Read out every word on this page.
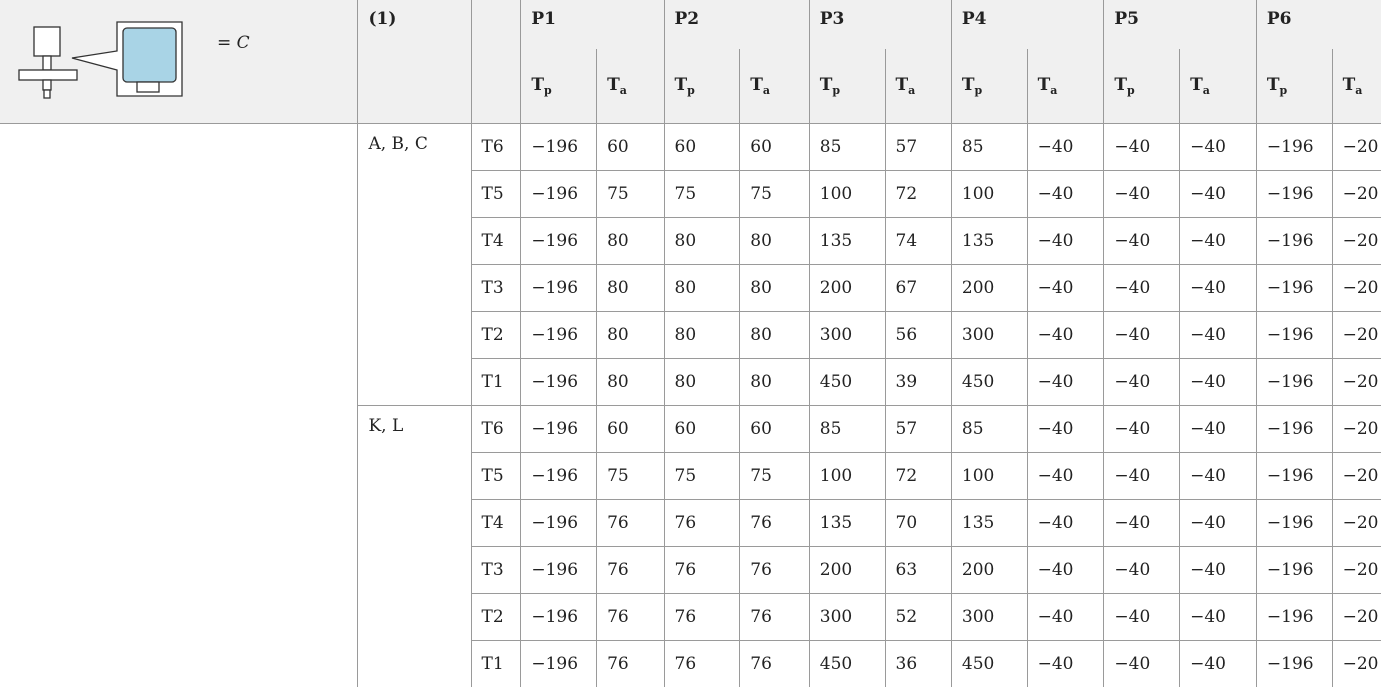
= C	(1)		P1		P2		P3		P4		P5		P6	
			$T_p$	$T_a$	$T_p$	$T_a$	$T_p$	$T_a$	$T_p$	$T_a$	$T_p$	$T_a$	$T_p$	$T_a$
	A, B, C	T6	−196	60	60	60	85	57	85	−40	−40	−40	−196	−20
		T5	−196	75	75	75	100	72	100	−40	−40	−40	−196	−20
		T4	−196	80	80	80	135	74	135	−40	−40	−40	−196	−20
		T3	−196	80	80	80	200	67	200	−40	−40	−40	−196	−20
		T2	−196	80	80	80	300	56	300	−40	−40	−40	−196	−20
		T1	−196	80	80	80	450	39	450	−40	−40	−40	−196	−20
	K, L	T6	−196	60	60	60	85	57	85	−40	−40	−40	−196	−20
		T5	−196	75	75	75	100	72	100	−40	−40	−40	−196	−20
		T4	−196	76	76	76	135	70	135	−40	−40	−40	−196	−20
		T3	−196	76	76	76	200	63	200	−40	−40	−40	−196	−20
		T2	−196	76	76	76	300	52	300	−40	−40	−40	−196	−20
		T1	−196	76	76	76	450	36	450	−40	−40	−40	−196	−20
